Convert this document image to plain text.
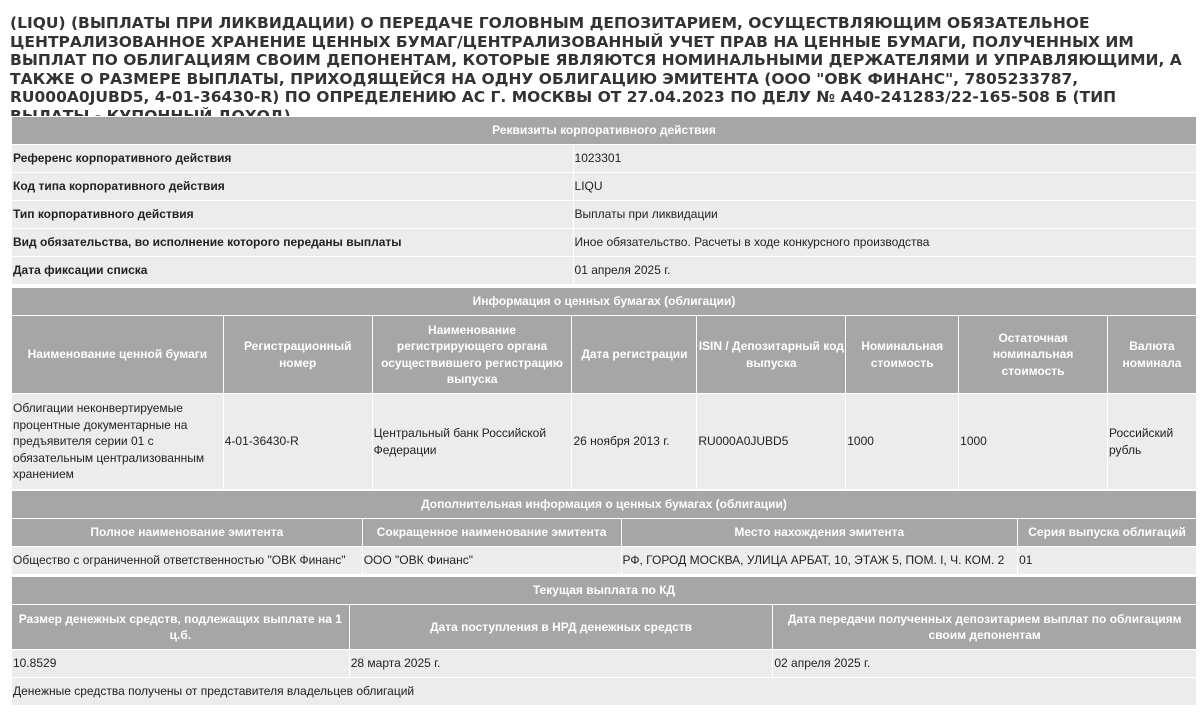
(LIQU) (ВЫПЛАТЫ ПРИ ЛИКВИДАЦИИ) О ПЕРЕДАЧЕ ГОЛОВНЫМ ДЕПОЗИТАРИЕМ, ОСУЩЕСТВЛЯЮЩИМ ОБЯЗАТЕЛЬНОЕ ЦЕНТРАЛИЗОВАННОЕ ХРАНЕНИЕ ЦЕННЫХ БУМАГ/ЦЕНТРАЛИЗОВАННЫЙ УЧЕТ ПРАВ НА ЦЕННЫЕ БУМАГИ, ПОЛУЧЕННЫХ ИМ ВЫПЛАТ ПО ОБЛИГАЦИЯМ СВОИМ ДЕПОНЕНТАМ, КОТОРЫЕ ЯВЛЯЮТСЯ НОМИНАЛЬНЫМИ ДЕРЖАТЕЛЯМИ И УПРАВЛЯЮЩИМИ, А ТАКЖЕ О РАЗМЕРЕ ВЫПЛАТЫ, ПРИХОДЯЩЕЙСЯ НА ОДНУ ОБЛИГАЦИЮ ЭМИТЕНТА (ООО "ОВК ФИНАНС", 7805233787, RU000A0JUBD5, 4-01-36430-R) ПО ОПРЕДЕЛЕНИЮ АС Г. МОСКВЫ ОТ 27.04.2023 ПО ДЕЛУ № А40-241283/22-165-508 Б (ТИП
Реквизиты корпоративного действия	
Референс корпоративного действия	1023301
Код типа корпоративного действия	LIQU
Тип корпоративного действия	Выплаты при ликвидации
Вид обязательства, во исполнение которого переданы выплаты	Иное обязательство. Расчеты в ходе конкурсного производства
Дата фиксации списка	01 апреля 2025 г.
Информация о ценных бумагах (облигации)							
Наименование ценной бумаги	Регистрационный номер	Наименование регистрирующего органа осуществившего регистрацию выпуска	Дата регистрации	ISIN / Депозитарный код выпуска	Номинальная стоимость	Остаточная номинальная стоимость	Валюта номинала
Облигации неконвертируемые процентные документарные на предъявителя серии 01 с обязательным централизованным хранением	4-01-36430-R	Центральный банк Российской Федерации	26 ноября 2013 г.	RU000A0JUBD5	1000	1000	Российский рубль
Дополнительная информация о ценных бумагах (облигации)			
Полное наименование эмитента	Сокращенное наименование эмитента	Место нахождения эмитента	Серия выпуска облигаций
Общество с ограниченной ответственностью "ОВК Финанс"	ООО "ОВК Финанс"	РФ, ГОРОД МОСКВА, УЛИЦА АРБАТ, 10, ЭТАЖ 5, ПОМ. I, Ч. КОМ. 2	01
Текущая выплата по КД		
Размер денежных средств, подлежащих выплате на 1 ц.б.	Дата поступления в НРД денежных средств	Дата передачи полученных депозитарием выплат по облигациям своим депонентам
10.8529	28 марта 2025 г.	02 апреля 2025 г.
Денежные средства получены от представителя владельцев облигаций		
